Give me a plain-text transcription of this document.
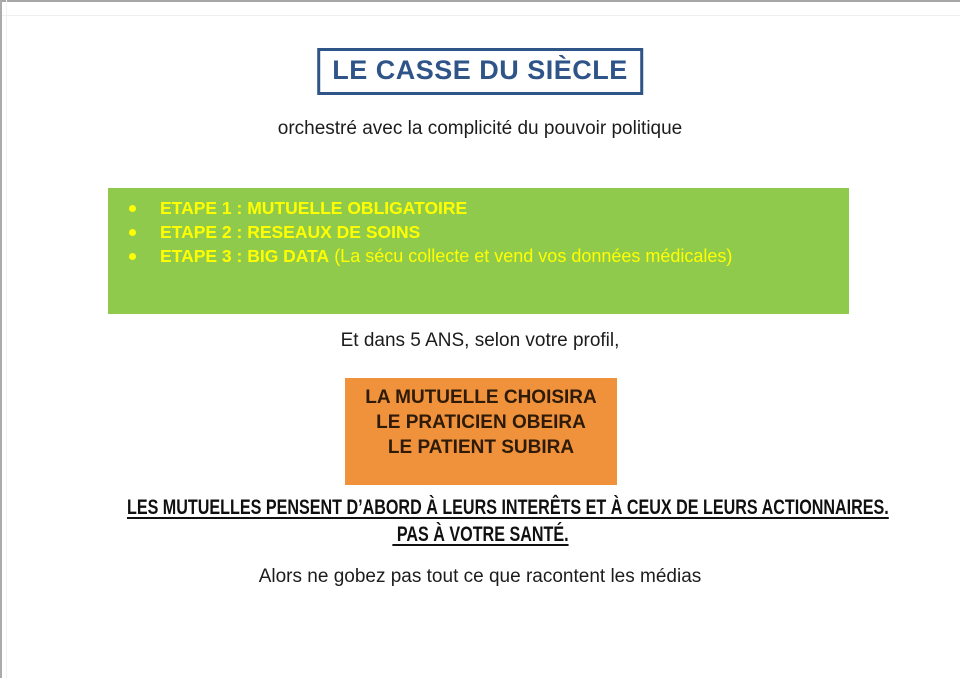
LE CASSE DU SIÈCLE
orchestré avec la complicité du pouvoir politique
ETAPE 1 : MUTUELLE OBLIGATOIRE
ETAPE 2 : RESEAUX DE SOINS
ETAPE 3 : BIG DATA (La sécu collecte et vend vos données médicales)
Et dans 5 ANS, selon votre profil,
LA MUTUELLE CHOISIRA
LE PRATICIEN OBEIRA
LE PATIENT SUBIRA
LES MUTUELLES PENSENT D’ABORD À LEURS INTERÊTS ET À CEUX DE LEURS ACTIONNAIRES.
PAS À VOTRE SANTÉ.
Alors ne gobez pas tout ce que racontent les médias
